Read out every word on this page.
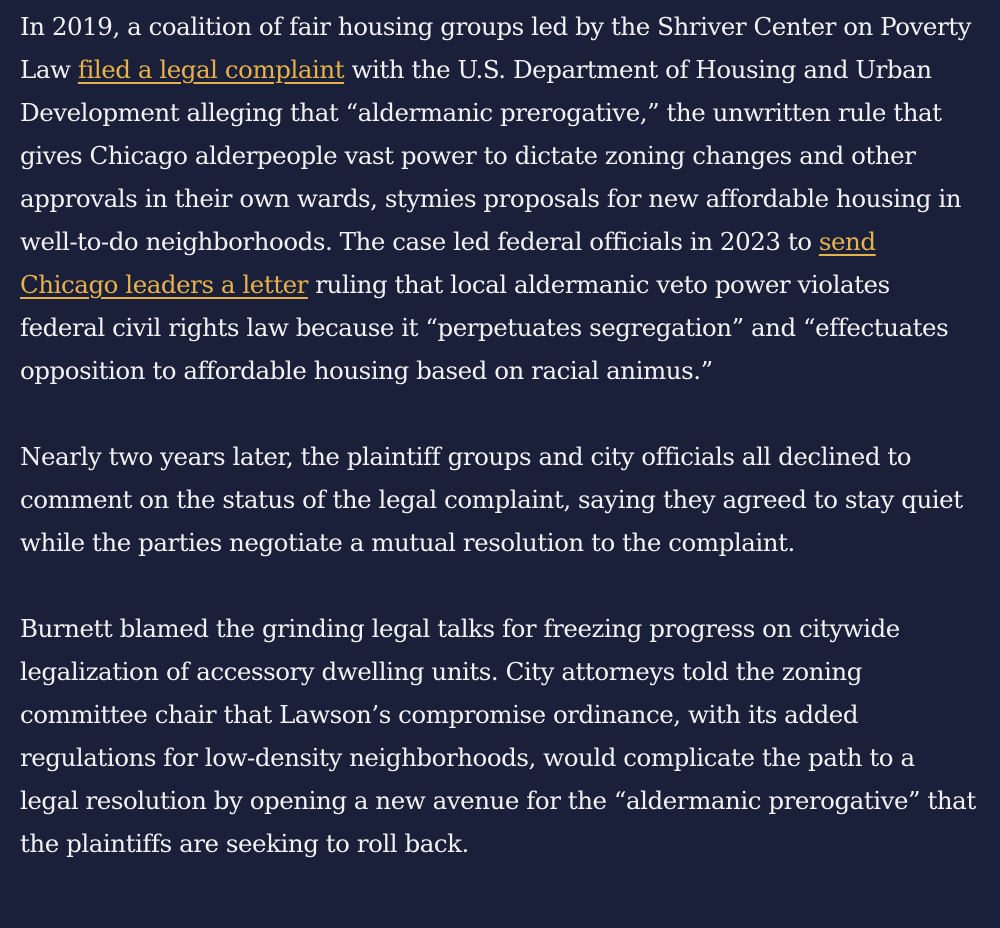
In 2019, a coalition of fair housing groups led by the Shriver Center on Poverty Law filed a legal complaint with the U.S. Department of Housing and Urban Development alleging that “aldermanic prerogative,” the unwritten rule that gives Chicago alderpeople vast power to dictate zoning changes and other approvals in their own wards, stymies proposals for new affordable housing in well-to-do neighborhoods. The case led federal officials in 2023 to send Chicago leaders a letter ruling that local aldermanic veto power violates federal civil rights law because it “perpetuates segregation” and “effectuates opposition to affordable housing based on racial animus.”

Nearly two years later, the plaintiff groups and city officials all declined to comment on the status of the legal complaint, saying they agreed to stay quiet while the parties negotiate a mutual resolution to the complaint.

Burnett blamed the grinding legal talks for freezing progress on citywide legalization of accessory dwelling units. City attorneys told the zoning committee chair that Lawson’s compromise ordinance, with its added regulations for low-density neighborhoods, would complicate the path to a legal resolution by opening a new avenue for the “aldermanic prerogative” that the plaintiffs are seeking to roll back.
